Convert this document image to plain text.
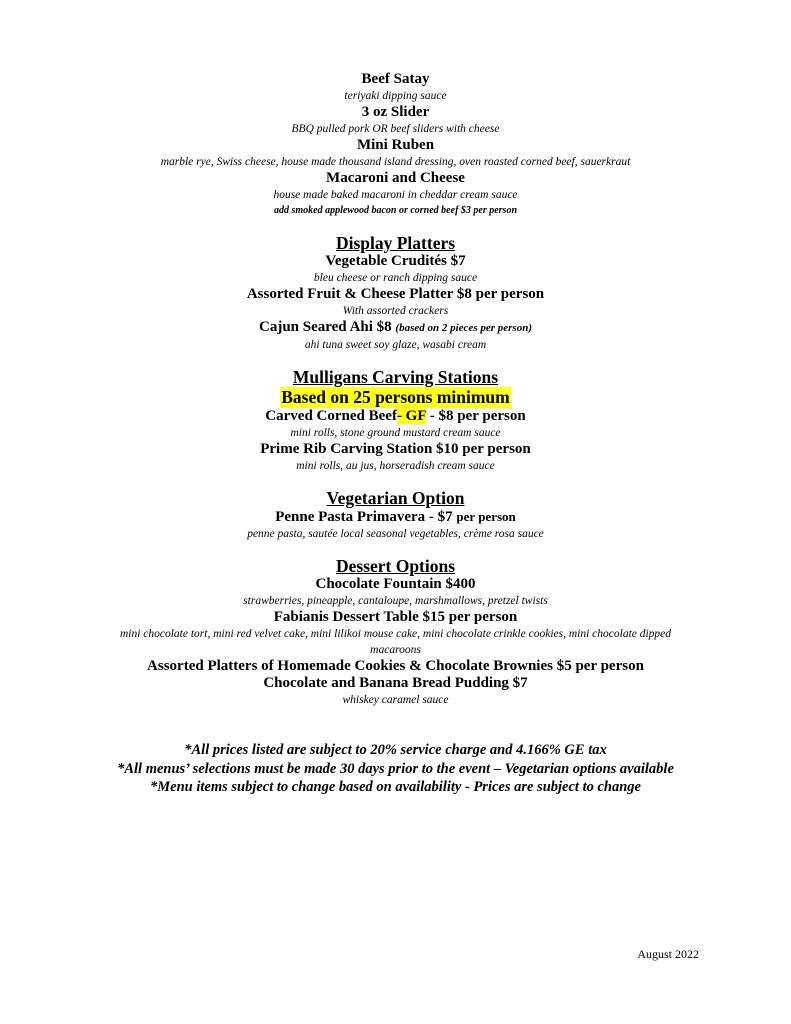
Beef Satay
teriyaki dipping sauce
3 oz Slider
BBQ pulled pork OR beef sliders with cheese
Mini Ruben
marble rye, Swiss cheese, house made thousand island dressing, oven roasted corned beef, sauerkraut
Macaroni and Cheese
house made baked macaroni in cheddar cream sauce
add smoked applewood bacon or corned beef $3 per person
Display Platters
Vegetable Crudités $7
bleu cheese or ranch dipping sauce
Assorted Fruit & Cheese Platter $8 per person
With assorted crackers
Cajun Seared Ahi $8 (based on 2 pieces per person)
ahi tuna sweet soy glaze, wasabi cream
Mulligans Carving Stations
Based on 25 persons minimum
Carved Corned Beef- GF - $8 per person
mini rolls, stone ground mustard cream sauce
Prime Rib Carving Station $10 per person
mini rolls, au jus, horseradish cream sauce
Vegetarian Option
Penne Pasta Primavera - $7 per person
penne pasta, sautée local seasonal vegetables, crème rosa sauce
Dessert Options
Chocolate Fountain $400
strawberries, pineapple, cantaloupe, marshmallows, pretzel twists
Fabianis Dessert Table $15 per person
mini chocolate tort, mini red velvet cake, mini lilikoi mouse cake, mini chocolate crinkle cookies, mini chocolate dipped macaroons
Assorted Platters of Homemade Cookies & Chocolate Brownies $5 per person
Chocolate and Banana Bread Pudding $7
whiskey caramel sauce
*All prices listed are subject to 20% service charge and 4.166% GE tax
*All menus’ selections must be made 30 days prior to the event – Vegetarian options available
*Menu items subject to change based on availability - Prices are subject to change
August 2022
